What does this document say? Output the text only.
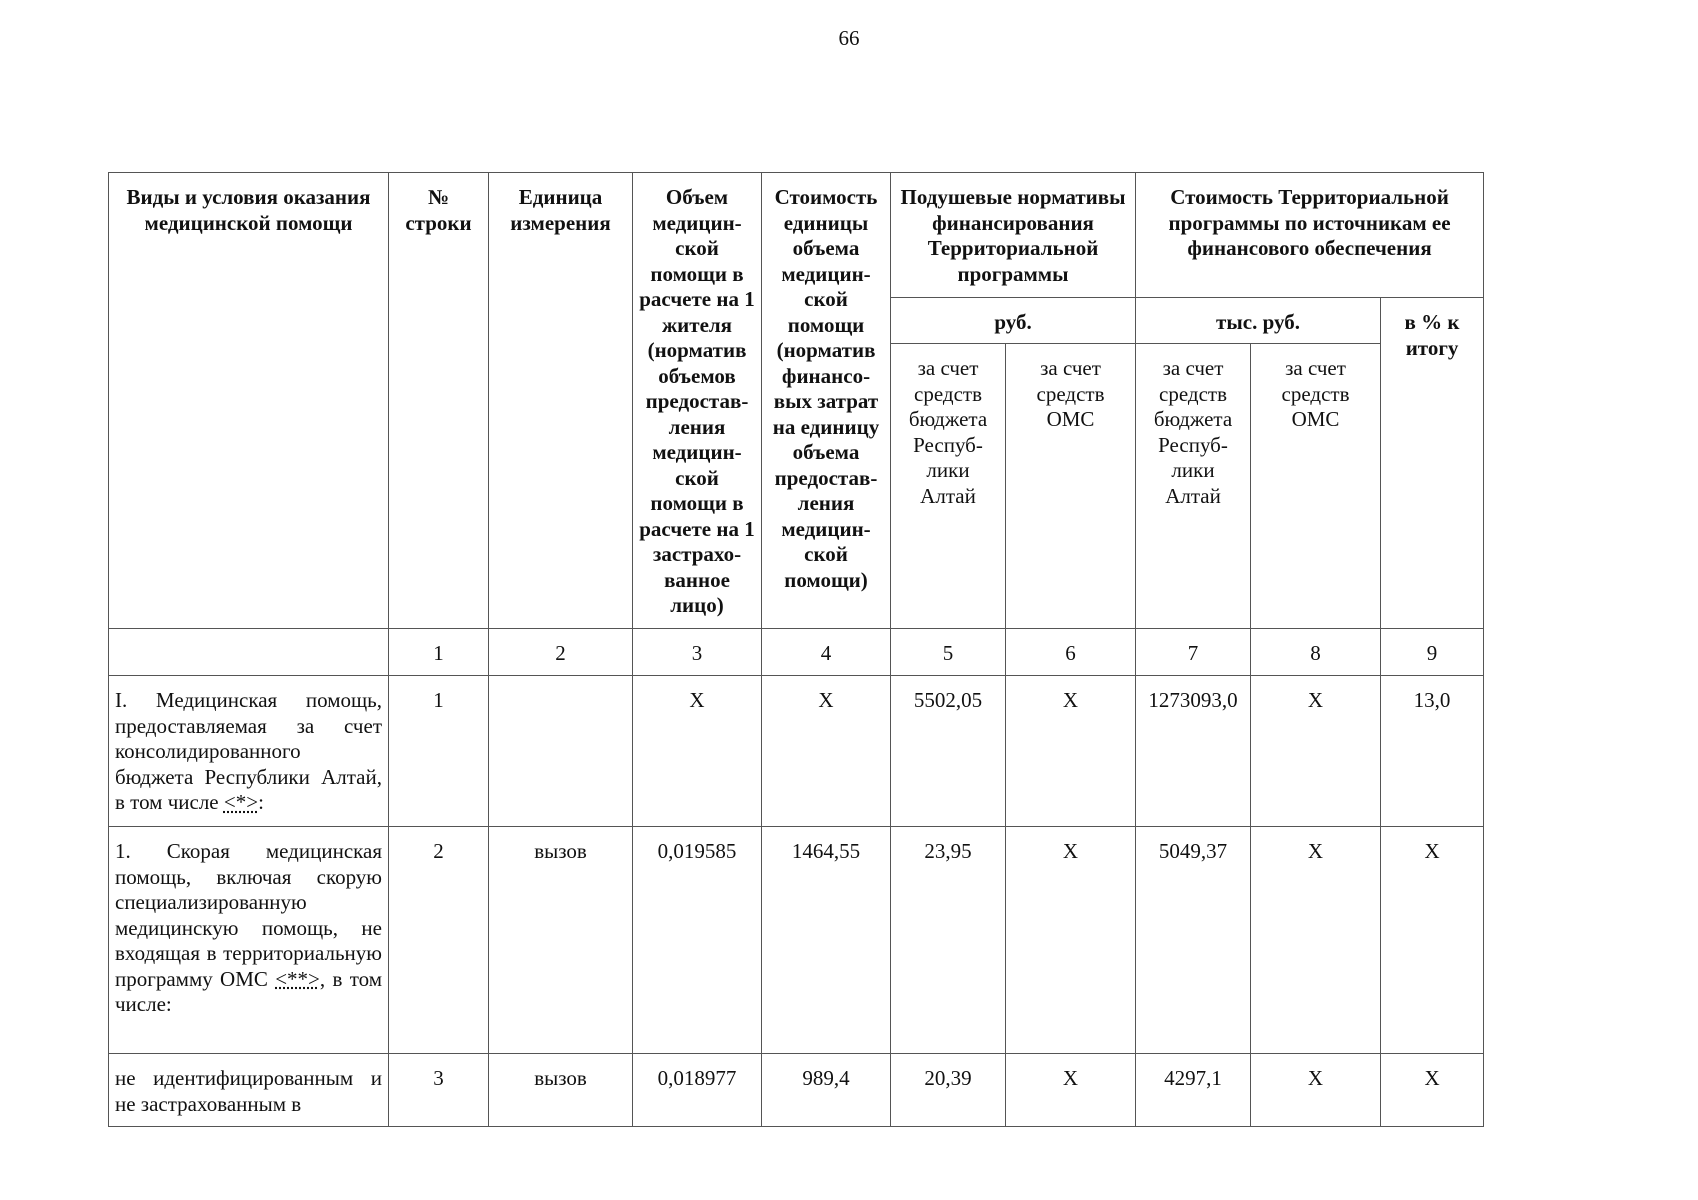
66
Виды и условия оказания медицинской помощи	№ строки	Единица измерения	Объем медицин-ской помощи в расчете на 1 жителя (норматив объемов предостав-ления медицин-ской помощи в расчете на 1 застрахо-ванное лицо)	Стоимость единицы объема медицин-ской помощи (норматив финансо-вых затрат на единицу объема предостав-ления медицин-ской помощи)	Подушевые нормативы финансирования Территориальной программы		Стоимость Территориальной программы по источникам ее финансового обеспечения		
					руб.		тыс. руб.		в % к итогу
					за счет средств бюджета Респуб-лики Алтай	за счет средств ОМС	за счет средств бюджета Респуб-лики Алтай	за счет средств ОМС	
	1	2	3	4	5	6	7	8	9
I. Медицинская помощь, предоставляемая за счет консолидированного бюджета Республики Алтай, в том числе <*>:	1		X	X	5502,05	X	1273093,0	X	13,0
1. Скорая медицинская помощь, включая скорую специализированную медицинскую помощь, не входящая в территориальную программу ОМС <**>, в том числе:	2	вызов	0,019585	1464,55	23,95	X	5049,37	X	X
не идентифицированным и не застрахованным в	3	вызов	0,018977	989,4	20,39	X	4297,1	X	X
